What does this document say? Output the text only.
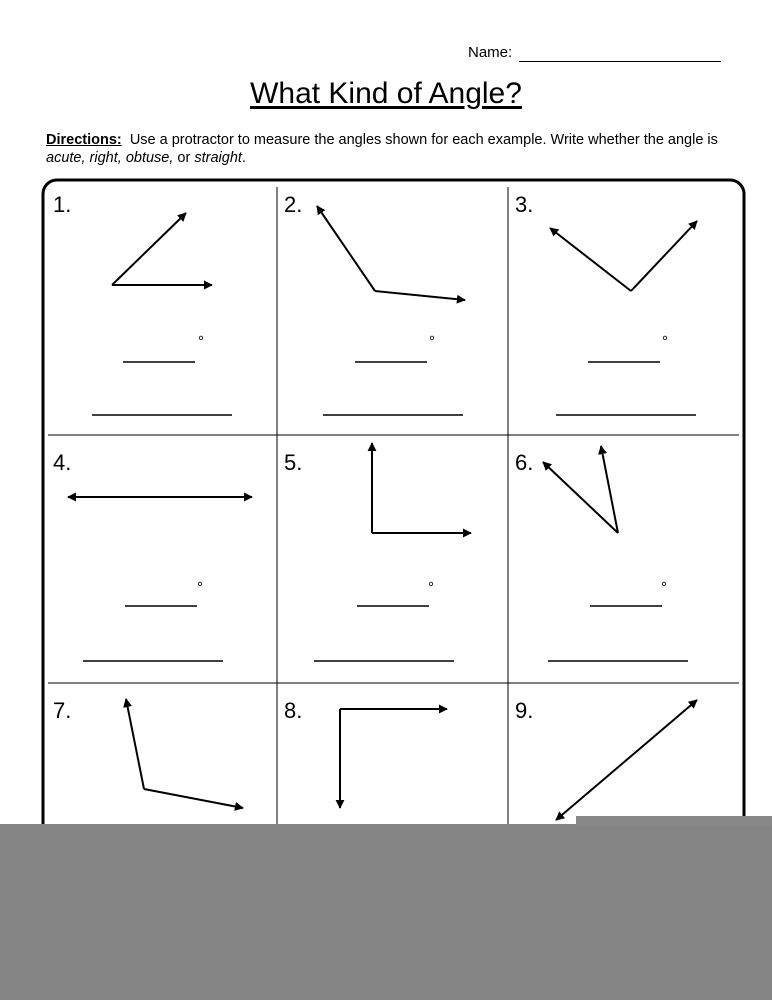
Name:
What Kind of Angle?
Directions: Use a protractor to measure the angles shown for each example. Write whether the angle is acute, right, obtuse, or straight.
°	°	°
°	°	°
1.	2.	3.
4.	5.	6.
7.	8.	9.
